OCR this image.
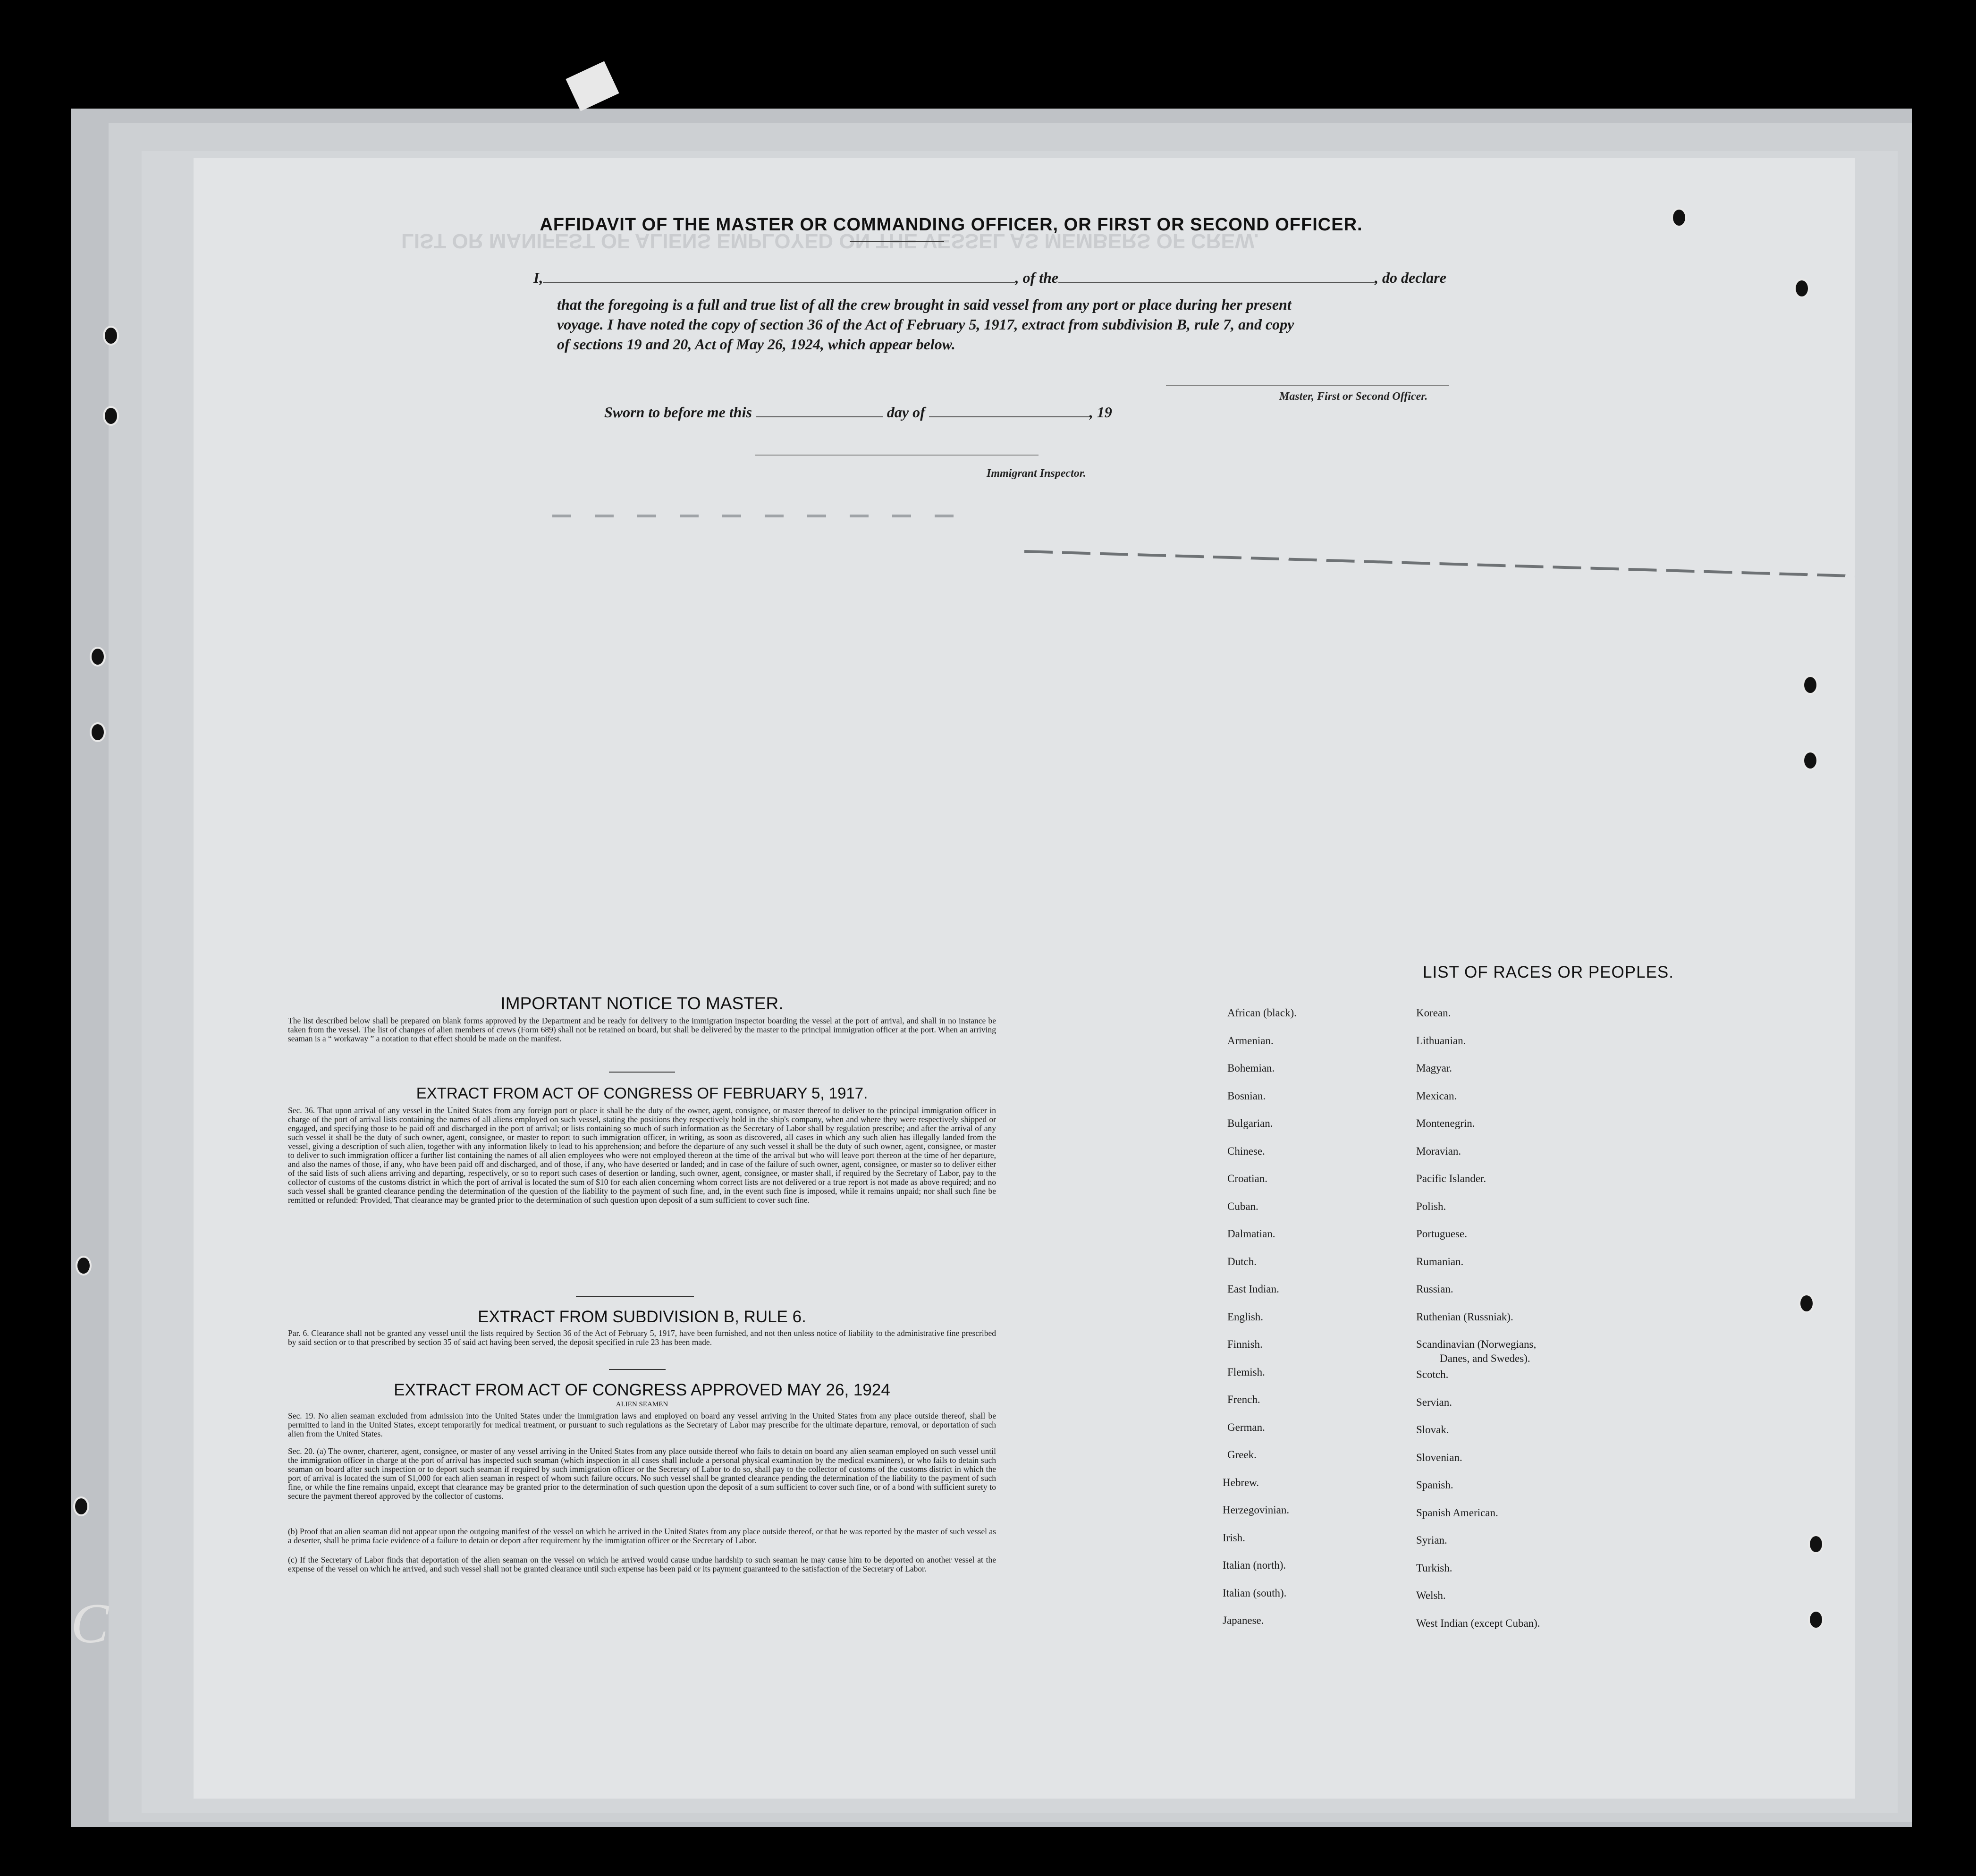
LIST OR MANIFEST OF ALIENS EMPLOYED ON THE VESSEL AS MEMBERS OF CREW.
AFFIDAVIT OF THE MASTER OR COMMANDING OFFICER, OR FIRST OR SECOND OFFICER.
I,	, of the	, do declare
that the foregoing is a full and true list of all the crew brought in said vessel from any port or place during her present
voyage. I have noted the copy of section 36 of the Act of February 5, 1917, extract from subdivision B, rule 7, and copy
of sections 19 and 20, Act of May 26, 1924, which appear below.
Master, First or Second Officer.
Sworn to before me this	day of	, 19
Immigrant Inspector.
IMPORTANT NOTICE TO MASTER.
The list described below shall be prepared on blank forms approved by the Department and be ready for delivery to the immigration inspector boarding the vessel at the port of arrival, and shall in no instance be taken from the vessel. The list of changes of alien members of crews (Form 689) shall not be retained on board, but shall be delivered by the master to the principal immigration officer at the port. When an arriving seaman is a “ workaway ” a notation to that effect should be made on the manifest.
EXTRACT FROM ACT OF CONGRESS OF FEBRUARY 5, 1917.
Sec. 36. That upon arrival of any vessel in the United States from any foreign port or place it shall be the duty of the owner, agent, consignee, or master thereof to deliver to the principal immigration officer in charge of the port of arrival lists containing the names of all aliens employed on such vessel, stating the positions they respectively hold in the ship's company, when and where they were respectively shipped or engaged, and specifying those to be paid off and discharged in the port of arrival; or lists containing so much of such information as the Secretary of Labor shall by regulation prescribe; and after the arrival of any such vessel it shall be the duty of such owner, agent, consignee, or master to report to such immigration officer, in writing, as soon as discovered, all cases in which any such alien has illegally landed from the vessel, giving a description of such alien, together with any information likely to lead to his apprehension; and before the departure of any such vessel it shall be the duty of such owner, agent, consignee, or master to deliver to such immigration officer a further list containing the names of all alien employees who were not employed thereon at the time of the arrival but who will leave port thereon at the time of her departure, and also the names of those, if any, who have been paid off and discharged, and of those, if any, who have deserted or landed; and in case of the failure of such owner, agent, consignee, or master so to deliver either of the said lists of such aliens arriving and departing, respectively, or so to report such cases of desertion or landing, such owner, agent, consignee, or master shall, if required by the Secretary of Labor, pay to the collector of customs of the customs district in which the port of arrival is located the sum of $10 for each alien concerning whom correct lists are not delivered or a true report is not made as above required; and no such vessel shall be granted clearance pending the determination of the question of the liability to the payment of such fine, and, in the event such fine is imposed, while it remains unpaid; nor shall such fine be remitted or refunded: Provided, That clearance may be granted prior to the determination of such question upon deposit of a sum sufficient to cover such fine.
EXTRACT FROM SUBDIVISION B, RULE 6.
Par. 6. Clearance shall not be granted any vessel until the lists required by Section 36 of the Act of February 5, 1917, have been furnished, and not then unless notice of liability to the administrative fine prescribed by said section or to that prescribed by section 35 of said act having been served, the deposit specified in rule 23 has been made.
EXTRACT FROM ACT OF CONGRESS APPROVED MAY 26, 1924
ALIEN SEAMEN
Sec. 19. No alien seaman excluded from admission into the United States under the immigration laws and employed on board any vessel arriving in the United States from any place outside thereof, shall be permitted to land in the United States, except temporarily for medical treatment, or pursuant to such regulations as the Secretary of Labor may prescribe for the ultimate departure, removal, or deportation of such alien from the United States.
Sec. 20. (a) The owner, charterer, agent, consignee, or master of any vessel arriving in the United States from any place outside thereof who fails to detain on board any alien seaman employed on such vessel until the immigration officer in charge at the port of arrival has inspected such seaman (which inspection in all cases shall include a personal physical examination by the medical examiners), or who fails to detain such seaman on board after such inspection or to deport such seaman if required by such immigration officer or the Secretary of Labor to do so, shall pay to the collector of customs of the customs district in which the port of arrival is located the sum of $1,000 for each alien seaman in respect of whom such failure occurs. No such vessel shall be granted clearance pending the determination of the liability to the payment of such fine, or while the fine remains unpaid, except that clearance may be granted prior to the determination of such question upon the deposit of a sum sufficient to cover such fine, or of a bond with sufficient surety to secure the payment thereof approved by the collector of customs.
(b) Proof that an alien seaman did not appear upon the outgoing manifest of the vessel on which he arrived in the United States from any place outside thereof, or that he was reported by the master of such vessel as a deserter, shall be prima facie evidence of a failure to detain or deport after requirement by the immigration officer or the Secretary of Labor.
(c) If the Secretary of Labor finds that deportation of the alien seaman on the vessel on which he arrived would cause undue hardship to such seaman he may cause him to be deported on another vessel at the expense of the vessel on which he arrived, and such vessel shall not be granted clearance until such expense has been paid or its payment guaranteed to the satisfaction of the Secretary of Labor.
LIST OF RACES OR PEOPLES.
African (black).
Armenian.
Bohemian.
Bosnian.
Bulgarian.
Chinese.
Croatian.
Cuban.
Dalmatian.
Dutch.
East Indian.
English.
Finnish.
Flemish.
French.
German.
Greek.
Hebrew.
Herzegovinian.
Irish.
Italian (north).
Italian (south).
Japanese.
Korean.
Lithuanian.
Magyar.
Mexican.
Montenegrin.
Moravian.
Pacific Islander.
Polish.
Portuguese.
Rumanian.
Russian.
Ruthenian (Russniak).
Scandinavian (Norwegians,
Danes, and Swedes).
Scotch.
Servian.
Slovak.
Slovenian.
Spanish.
Spanish American.
Syrian.
Turkish.
Welsh.
West Indian (except Cuban).
C
